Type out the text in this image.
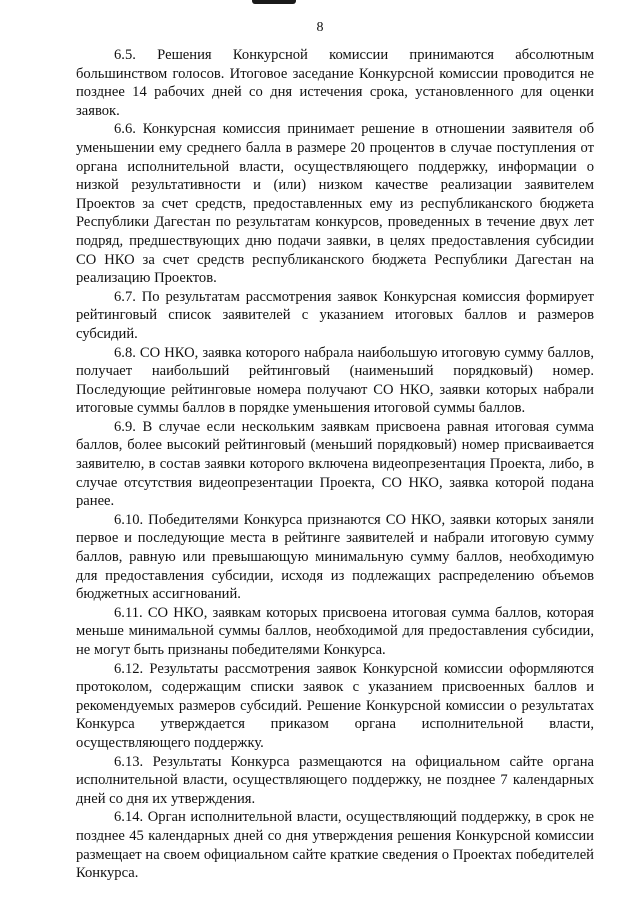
8

6.5. Решения Конкурсной комиссии принимаются абсолютным большинством голосов. Итоговое заседание Конкурсной комиссии проводится не позднее 14 рабочих дней со дня истечения срока, установленного для оценки заявок.

6.6. Конкурсная комиссия принимает решение в отношении заявителя об уменьшении ему среднего балла в размере 20 процентов в случае поступления от органа исполнительной власти, осуществляющего поддержку, информации о низкой результативности и (или) низком качестве реализации заявителем Проектов за счет средств, предоставленных ему из республиканского бюджета Республики Дагестан по результатам конкурсов, проведенных в течение двух лет подряд, предшествующих дню подачи заявки, в целях предоставления субсидии СО НКО за счет средств республиканского бюджета Республики Дагестан на реализацию Проектов.

6.7. По результатам рассмотрения заявок Конкурсная комиссия формирует рейтинговый список заявителей с указанием итоговых баллов и размеров субсидий.

6.8. СО НКО, заявка которого набрала наибольшую итоговую сумму баллов, получает наибольший рейтинговый (наименьший порядковый) номер. Последующие рейтинговые номера получают СО НКО, заявки которых набрали итоговые суммы баллов в порядке уменьшения итоговой суммы баллов.

6.9. В случае если нескольким заявкам присвоена равная итоговая сумма баллов, более высокий рейтинговый (меньший порядковый) номер присваивается заявителю, в состав заявки которого включена видеопрезентация Проекта, либо, в случае отсутствия видеопрезентации Проекта, СО НКО, заявка которой подана ранее.

6.10. Победителями Конкурса признаются СО НКО, заявки которых заняли первое и последующие места в рейтинге заявителей и набрали итоговую сумму баллов, равную или превышающую минимальную сумму баллов, необходимую для предоставления субсидии, исходя из подлежащих распределению объемов бюджетных ассигнований.

6.11. СО НКО, заявкам которых присвоена итоговая сумма баллов, которая меньше минимальной суммы баллов, необходимой для предоставления субсидии, не могут быть признаны победителями Конкурса.

6.12. Результаты рассмотрения заявок Конкурсной комиссии оформляются протоколом, содержащим списки заявок с указанием присвоенных баллов и рекомендуемых размеров субсидий. Решение Конкурсной комиссии о результатах Конкурса утверждается приказом органа исполнительной власти, осуществляющего поддержку.

6.13. Результаты Конкурса размещаются на официальном сайте органа исполнительной власти, осуществляющего поддержку, не позднее 7 календарных дней со дня их утверждения.

6.14. Орган исполнительной власти, осуществляющий поддержку, в срок не позднее 45 календарных дней со дня утверждения решения Конкурсной комиссии размещает на своем официальном сайте краткие сведения о Проектах победителей Конкурса.
